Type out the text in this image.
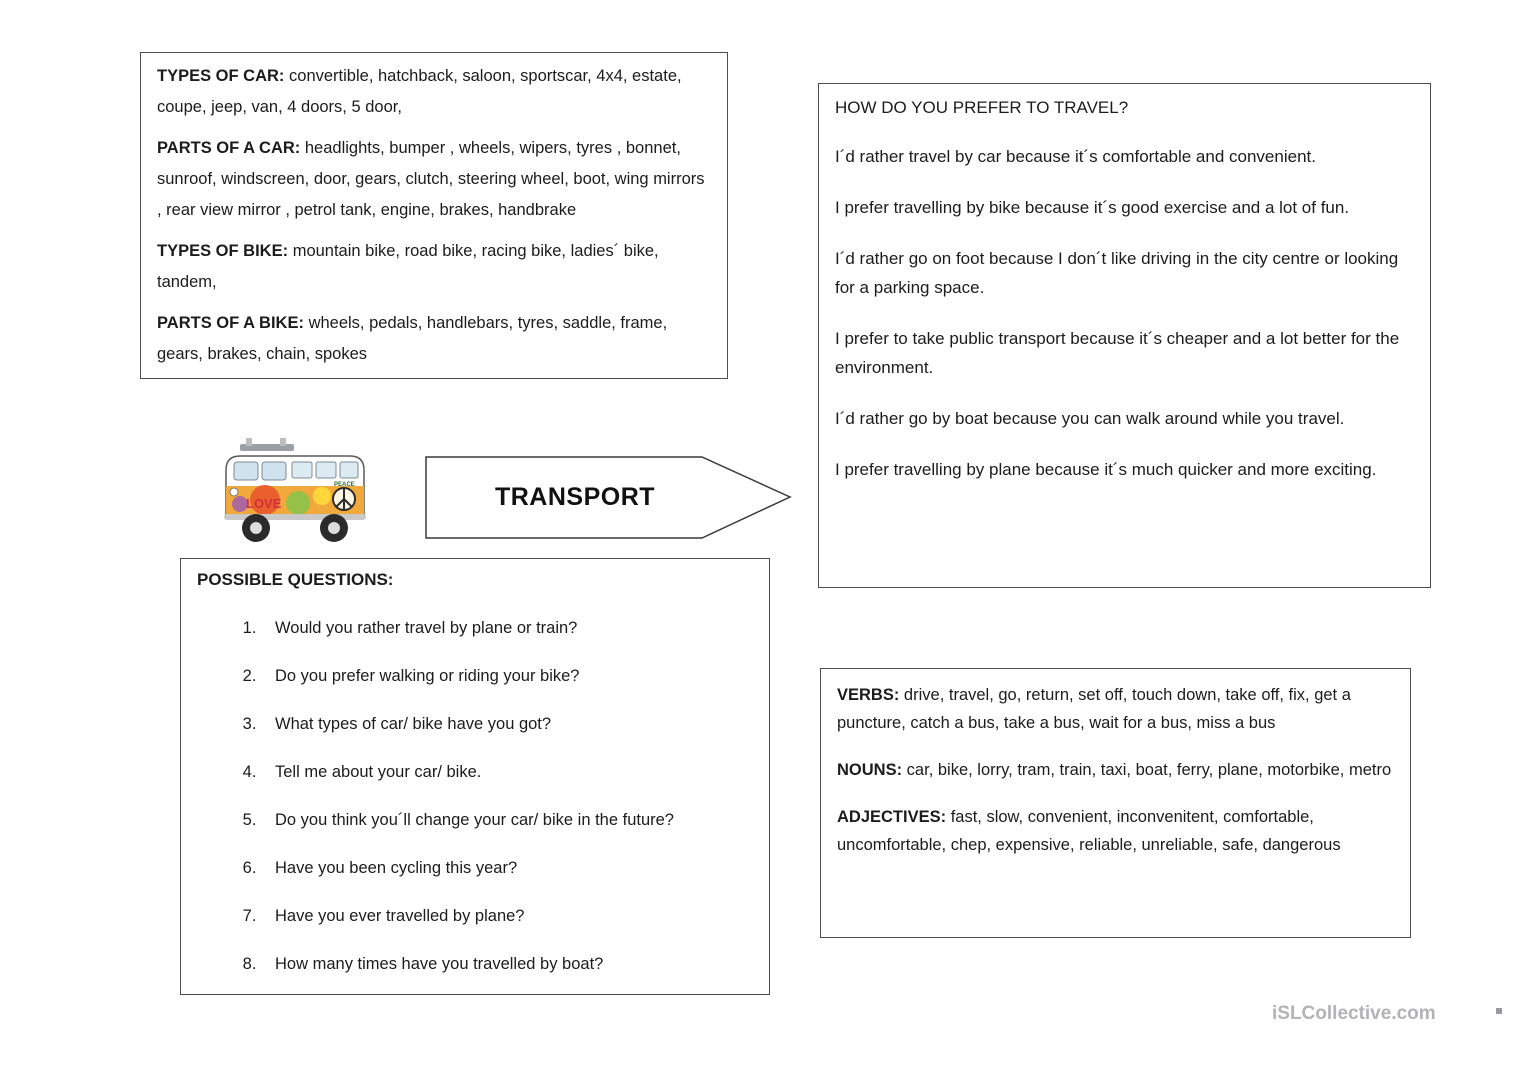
TYPES OF CAR: convertible, hatchback, saloon, sportscar, 4x4, estate, coupe, jeep, van, 4 doors, 5 door,

PARTS OF A CAR: headlights, bumper , wheels, wipers, tyres , bonnet, sunroof, windscreen, door, gears, clutch, steering wheel, boot, wing mirrors , rear view mirror , petrol tank, engine, brakes, handbrake

TYPES OF BIKE: mountain bike, road bike, racing bike, ladies´ bike, tandem,

PARTS OF A BIKE: wheels, pedals, handlebars, tyres, saddle, frame, gears, brakes, chain, spokes

HOW DO YOU PREFER TO TRAVEL?

I´d rather travel by car because it´s comfortable and convenient.

I prefer travelling by bike because it´s good exercise and a lot of fun.

I´d rather go on foot because I don´t like driving in the city centre or looking for a parking space.

I prefer to take public transport because it´s cheaper and a lot better for the environment.

I´d rather go by boat because you can walk around while you travel.

I prefer travelling by plane because it´s much quicker and more exciting.

PEACE
LOVE	TRANSPORT

POSSIBLE QUESTIONS:

1. Would you rather travel by plane or train?
2. Do you prefer walking or riding your bike?
3. What types of car/ bike have you got?
4. Tell me about your car/ bike.
5. Do you think you´ll change your car/ bike in the future?
6. Have you been cycling this year?
7. Have you ever travelled by plane?
8. How many times have you travelled by boat?

VERBS: drive, travel, go, return, set off, touch down, take off, fix, get a puncture, catch a bus, take a bus, wait for a bus, miss a bus

NOUNS: car, bike, lorry, tram, train, taxi, boat, ferry, plane, motorbike, metro

ADJECTIVES: fast, slow, convenient, inconvenitent, comfortable, uncomfortable, chep, expensive, reliable, unreliable, safe, dangerous

iSLCollective.com
